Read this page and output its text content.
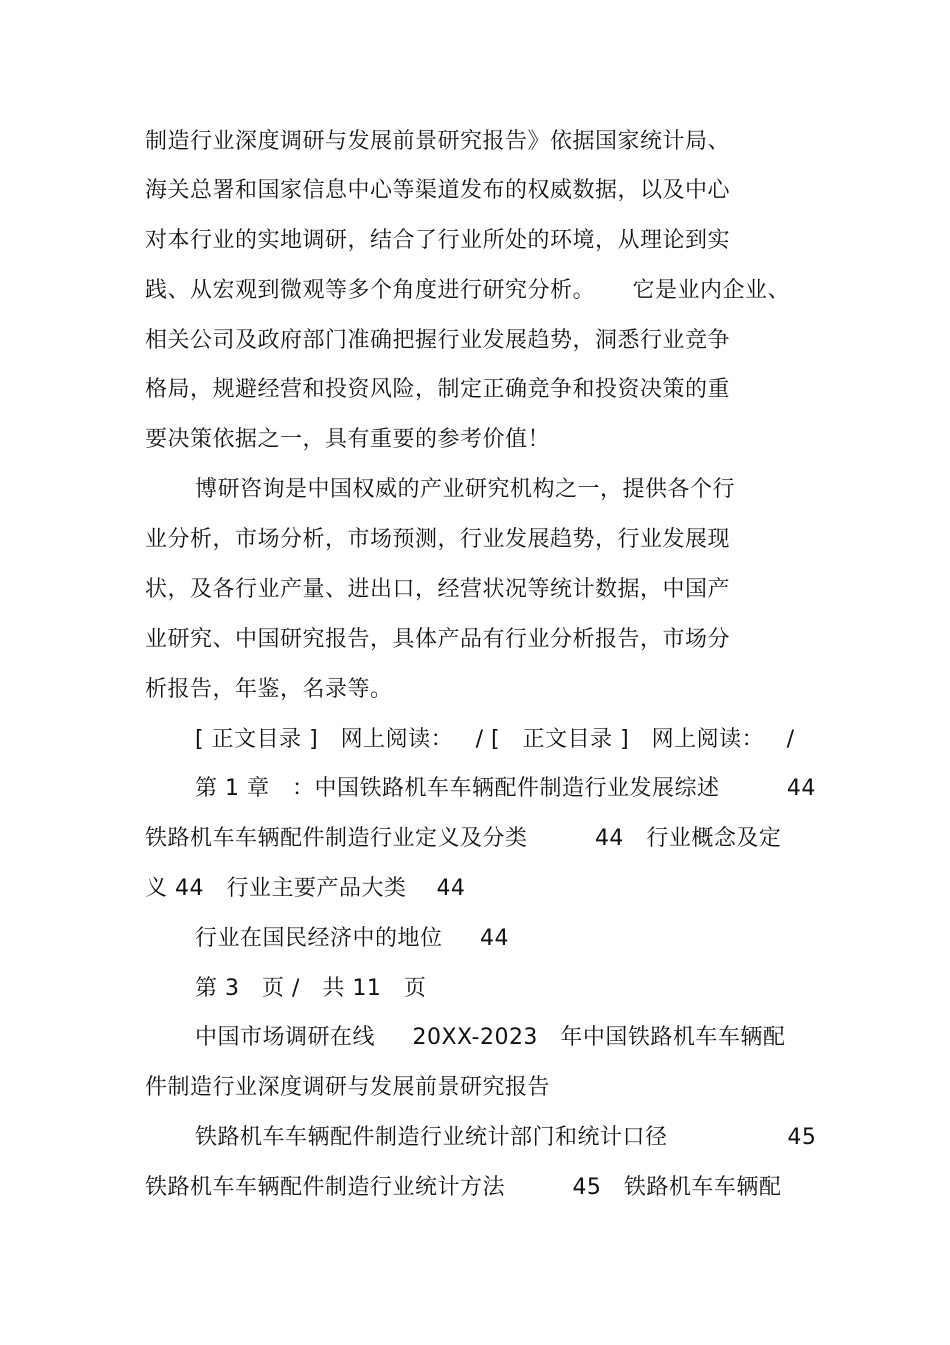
制造行业深度调研与发展前景研究报告》依据国家统计局、
海关总署和国家信息中心等渠道发布的权威数据，以及中心
对本行业的实地调研，结合了行业所处的环境，从理论到实
践、从宏观到微观等多个角度进行研究分析。     它是业内企业、
相关公司及政府部门准确把握行业发展趋势，洞悉行业竞争
格局，规避经营和投资风险，制定正确竞争和投资决策的重
要决策依据之一，具有重要的参考价值！
博研咨询是中国权威的产业研究机构之一，提供各个行
业分析，市场分析，市场预测，行业发展趋势，行业发展现
状，及各行业产量、进出口，经营状况等统计数据，中国产
业研究、中国研究报告，具体产品有行业分析报告，市场分
析报告，年鉴，名录等。
[ 正文目录 ]   网上阅读：   / [   正文目录 ]   网上阅读：   /
第 1 章   ：中国铁路机车车辆配件制造行业发展综述         44
铁路机车车辆配件制造行业定义及分类         44   行业概念及定
义 44   行业主要产品大类    44
行业在国民经济中的地位     44
第 3   页 /   共 11   页
中国市场调研在线     20XX-2023   年中国铁路机车车辆配
件制造行业深度调研与发展前景研究报告
铁路机车车辆配件制造行业统计部门和统计口径                45
铁路机车车辆配件制造行业统计方法         45   铁路机车车辆配
